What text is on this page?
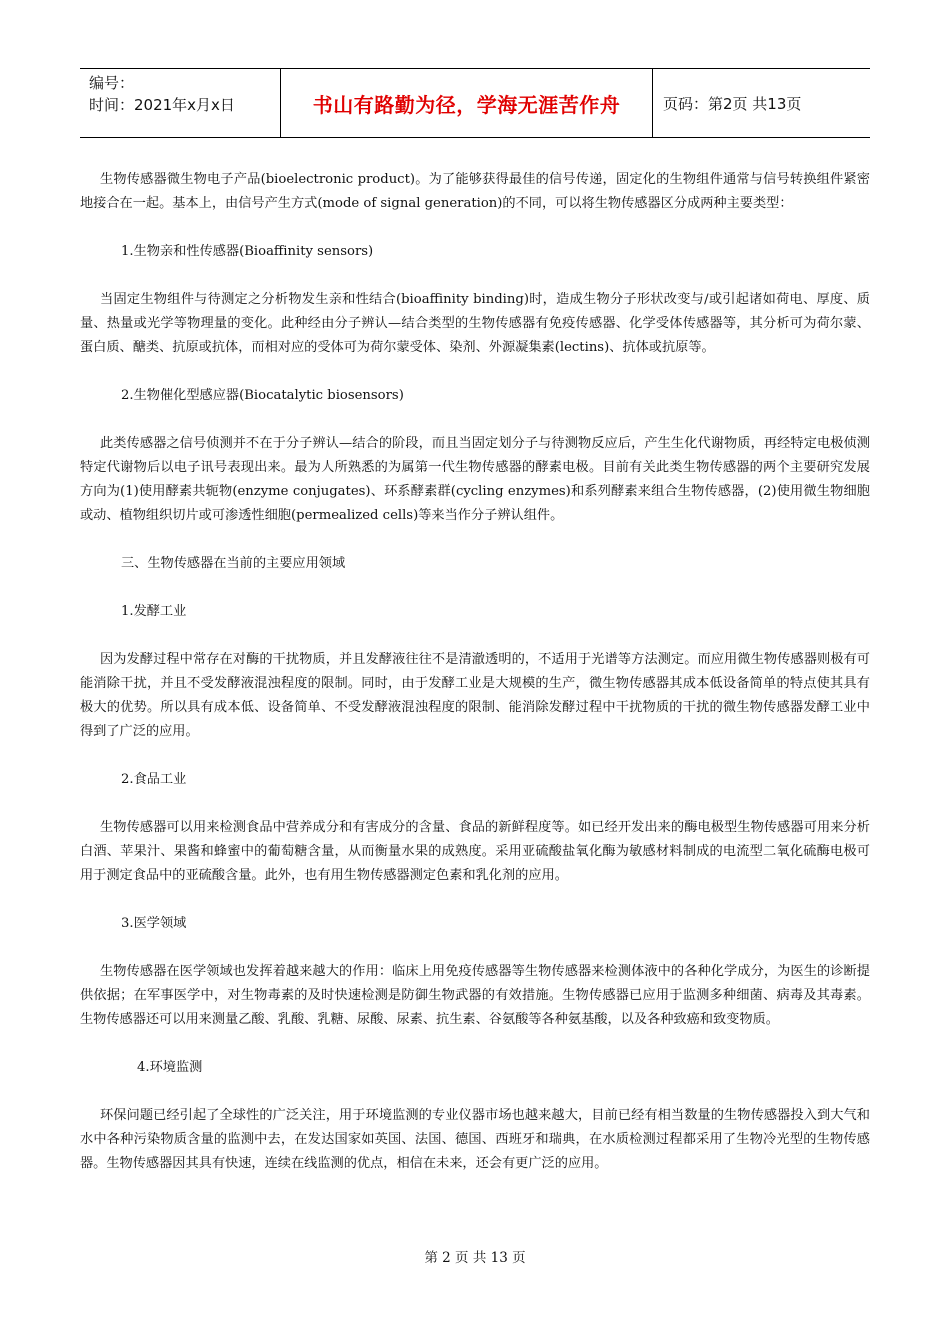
编号：
时间：2021年x月x日	书山有路勤为径，学海无涯苦作舟	页码：第2页 共13页

生物传感器微生物电子产品(bioelectronic product)。为了能够获得最佳的信号传递，固定化的生物组件通常与信号转换组件紧密地接合在一起。基本上，由信号产生方式(mode of signal generation)的不同，可以将生物传感器区分成两种主要类型：

1.生物亲和性传感器(Bioaffinity sensors)

当固定生物组件与待测定之分析物发生亲和性结合(bioaffinity binding)时，造成生物分子形状改变与/或引起诸如荷电、厚度、质量、热量或光学等物理量的变化。此种经由分子辨认—结合类型的生物传感器有免疫传感器、化学受体传感器等，其分析可为荷尔蒙、蛋白质、醣类、抗原或抗体，而相对应的受体可为荷尔蒙受体、染剂、外源凝集素(lectins)、抗体或抗原等。

2.生物催化型感应器(Biocatalytic biosensors)

此类传感器之信号侦测并不在于分子辨认—结合的阶段，而且当固定划分子与待测物反应后，产生生化代谢物质，再经特定电极侦测特定代谢物后以电子讯号表现出来。最为人所熟悉的为属第一代生物传感器的酵素电极。目前有关此类生物传感器的两个主要研究发展方向为(1)使用酵素共轭物(enzyme conjugates)、环系酵素群(cycling enzymes)和系列酵素来组合生物传感器，(2)使用微生物细胞或动、植物组织切片或可渗透性细胞(permealized cells)等来当作分子辨认组件。

三、生物传感器在当前的主要应用领域

1.发酵工业

因为发酵过程中常存在对酶的干扰物质，并且发酵液往往不是清澈透明的，不适用于光谱等方法测定。而应用微生物传感器则极有可能消除干扰，并且不受发酵液混浊程度的限制。同时，由于发酵工业是大规模的生产，微生物传感器其成本低设备简单的特点使其具有极大的优势。所以具有成本低、设备简单、不受发酵液混浊程度的限制、能消除发酵过程中干扰物质的干扰的微生物传感器发酵工业中得到了广泛的应用。

2.食品工业

生物传感器可以用来检测食品中营养成分和有害成分的含量、食品的新鲜程度等。如已经开发出来的酶电极型生物传感器可用来分析白酒、苹果汁、果酱和蜂蜜中的葡萄糖含量，从而衡量水果的成熟度。采用亚硫酸盐氧化酶为敏感材料制成的电流型二氧化硫酶电极可用于测定食品中的亚硫酸含量。此外，也有用生物传感器测定色素和乳化剂的应用。

3.医学领域

生物传感器在医学领域也发挥着越来越大的作用：临床上用免疫传感器等生物传感器来检测体液中的各种化学成分，为医生的诊断提供依据；在军事医学中，对生物毒素的及时快速检测是防御生物武器的有效措施。生物传感器已应用于监测多种细菌、病毒及其毒素。生物传感器还可以用来测量乙酸、乳酸、乳糖、尿酸、尿素、抗生素、谷氨酸等各种氨基酸，以及各种致癌和致变物质。

4.环境监测

环保问题已经引起了全球性的广泛关注，用于环境监测的专业仪器市场也越来越大，目前已经有相当数量的生物传感器投入到大气和水中各种污染物质含量的监测中去，在发达国家如英国、法国、德国、西班牙和瑞典，在水质检测过程都采用了生物冷光型的生物传感器。生物传感器因其具有快速，连续在线监测的优点，相信在未来，还会有更广泛的应用。

第 2 页 共 13 页
